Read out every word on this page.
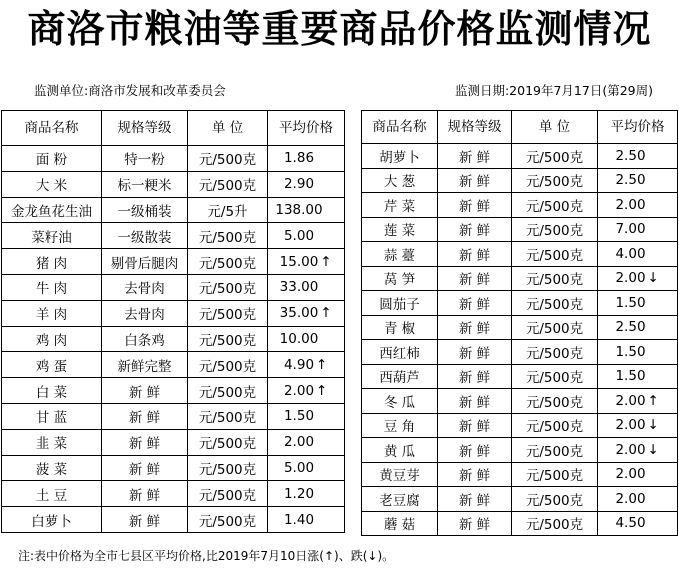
商洛市粮油等重要商品价格监测情况
监测单位:商洛市发展和改革委员会	监测日期:2019年7月17日(第29周)
商品名称	规格等级	单 位	平均价格
面 粉	特一粉	元/500克	1.86
大 米	标一粳米	元/500克	2.90
金龙鱼花生油	一级桶装	元/5升	138.00
菜籽油	一级散装	元/500克	5.00
猪 肉	剔骨后腿肉	元/500克	15.00 ↑
牛 肉	去骨肉	元/500克	33.00
羊 肉	去骨肉	元/500克	35.00 ↑
鸡 肉	白条鸡	元/500克	10.00
鸡 蛋	新鲜完整	元/500克	4.90 ↑
白 菜	新 鲜	元/500克	2.00 ↑
甘 蓝	新 鲜	元/500克	1.50
韭 菜	新 鲜	元/500克	2.00
菠 菜	新 鲜	元/500克	5.00
土 豆	新 鲜	元/500克	1.20
白萝卜	新 鲜	元/500克	1.40
商品名称	规格等级	单 位	平均价格
胡萝卜	新 鲜	元/500克	2.50
大 葱	新 鲜	元/500克	2.50
芹 菜	新 鲜	元/500克	2.00
莲 菜	新 鲜	元/500克	7.00
蒜 薹	新 鲜	元/500克	4.00
莴 笋	新 鲜	元/500克	2.00 ↓
圆茄子	新 鲜	元/500克	1.50
青 椒	新 鲜	元/500克	2.50
西红柿	新 鲜	元/500克	1.50
西葫芦	新 鲜	元/500克	1.50
冬 瓜	新 鲜	元/500克	2.00 ↑
豆 角	新 鲜	元/500克	2.00 ↓
黄 瓜	新 鲜	元/500克	2.00 ↓
黄豆芽	新 鲜	元/500克	2.00
老豆腐	新 鲜	元/500克	2.00
蘑 菇	新 鲜	元/500克	4.50
注:表中价格为全市七县区平均价格,比2019年7月10日涨(↑)、跌(↓)。
